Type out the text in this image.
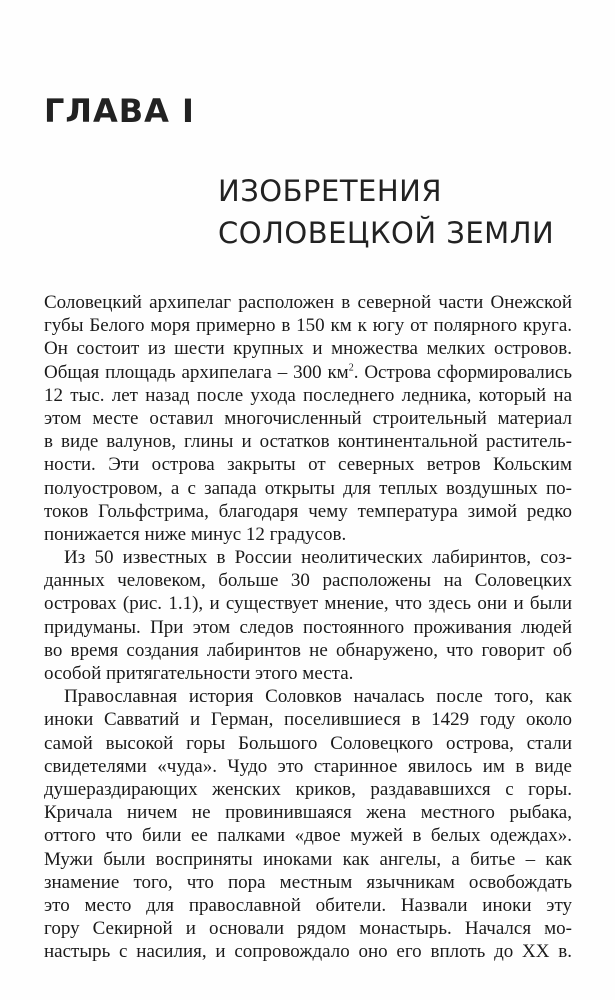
ГЛАВА I
ИЗОБРЕТЕНИЯ
СОЛОВЕЦКОЙ ЗЕМЛИ
Соловецкий архипелаг расположен в северной части Онежской
губы Белого моря примерно в 150 км к югу от полярного круга.
Он состоит из шести крупных и множества мелких островов.
Общая площадь архипелага – 300 $км^2$. Острова сформировались
12 тыс. лет назад после ухода последнего ледника, который на
этом месте оставил многочисленный строительный материал
в виде валунов, глины и остатков континентальной раститель-
ности. Эти острова закрыты от северных ветров Кольским
полуостровом, а с запада открыты для теплых воздушных по-
токов Гольфстрима, благодаря чему температура зимой редко
понижается ниже минус 12 градусов.
Из 50 известных в России неолитических лабиринтов, соз-
данных человеком, больше 30 расположены на Соловецких
островах (рис. 1.1), и существует мнение, что здесь они и были
придуманы. При этом следов постоянного проживания людей
во время создания лабиринтов не обнаружено, что говорит об
особой притягательности этого места.
Православная история Соловков началась после того, как
иноки Савватий и Герман, поселившиеся в 1429 году около
самой высокой горы Большого Соловецкого острова, стали
свидетелями «чуда». Чудо это старинное явилось им в виде
душераздирающих женских криков, раздававшихся с горы.
Кричала ничем не провинившаяся жена местного рыбака,
оттого что били ее палками «двое мужей в белых одеждах».
Мужи были восприняты иноками как ангелы, а битье – как
знамение того, что пора местным язычникам освобождать
это место для православной обители. Назвали иноки эту
гору Секирной и основали рядом монастырь. Начался мо-
настырь с насилия, и сопровождало оно его вплоть до XX в.
